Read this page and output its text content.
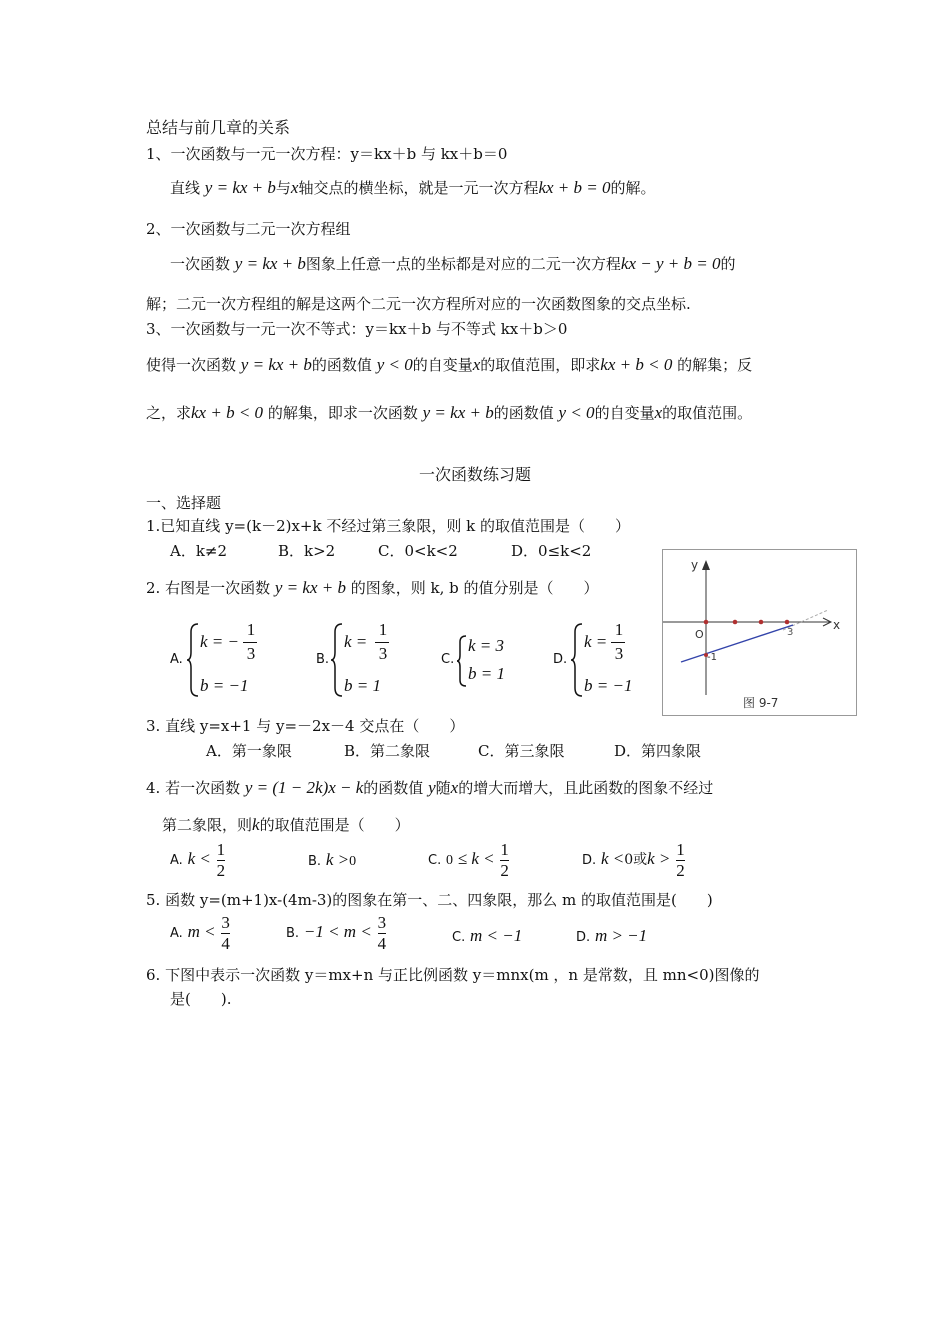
总结与前几章的关系
1、一次函数与一元一次方程：y＝kx＋b 与 kx＋b＝0
直线 y = kx + b与x轴交点的横坐标，就是一元一次方程kx + b = 0的解。
2、一次函数与二元一次方程组
一次函数 y = kx + b图象上任意一点的坐标都是对应的二元一次方程kx − y + b = 0的
解；二元一次方程组的解是这两个二元一次方程所对应的一次函数图象的交点坐标.
3、一次函数与一元一次不等式：y＝kx＋b 与不等式 kx＋b＞0
使得一次函数 y = kx + b的函数值 y < 0的自变量x的取值范围，即求kx + b < 0 的解集；反
之，求kx + b < 0 的解集，即求一次函数 y = kx + b的函数值 y < 0的自变量x的取值范围。
一次函数练习题
一、选择题
1.已知直线 y=(k－2)x+k 不经过第三象限，则 k 的取值范围是（　　）
A．k≠2	B．k>2	C．0<k<2	D．0≤k<2
2. 右图是一次函数 y = kx + b 的图象，则 k, b 的值分别是（　　）
A.
k = −
1
3
b = −1
B.
k =
1
3
b = 1
C.
k = 3
b = 1
D.
k =
1
3
b = −1
y
x
O	3
-1
图 9-7
3. 直线 y=x+1 与 y=－2x－4 交点在（　　）
A．第一象限	B．第二象限	C．第三象限	D．第四象限
4. 若一次函数 y = (1 − 2k)x − k的函数值 y随x的增大而增大，且此函数的图象不经过
第二象限，则k的取值范围是（　　）
A. $k < \frac{1}{2}$	B. k >0	C. $0 \le k < \frac{1}{2}$	D. k <0或$k > \frac{1}{2}$
5. 函数 y=(m+1)x-(4m-3)的图象在第一、二、四象限，那么 m 的取值范围是(　　)
A. $m < \frac{3}{4}$	B. $-1 < m < \frac{3}{4}$	C. m < −1	D. m > −1
6. 下图中表示一次函数 y＝mx+n 与正比例函数 y＝mnx(m ，n 是常数，且 mn<0)图像的
是(　　).
